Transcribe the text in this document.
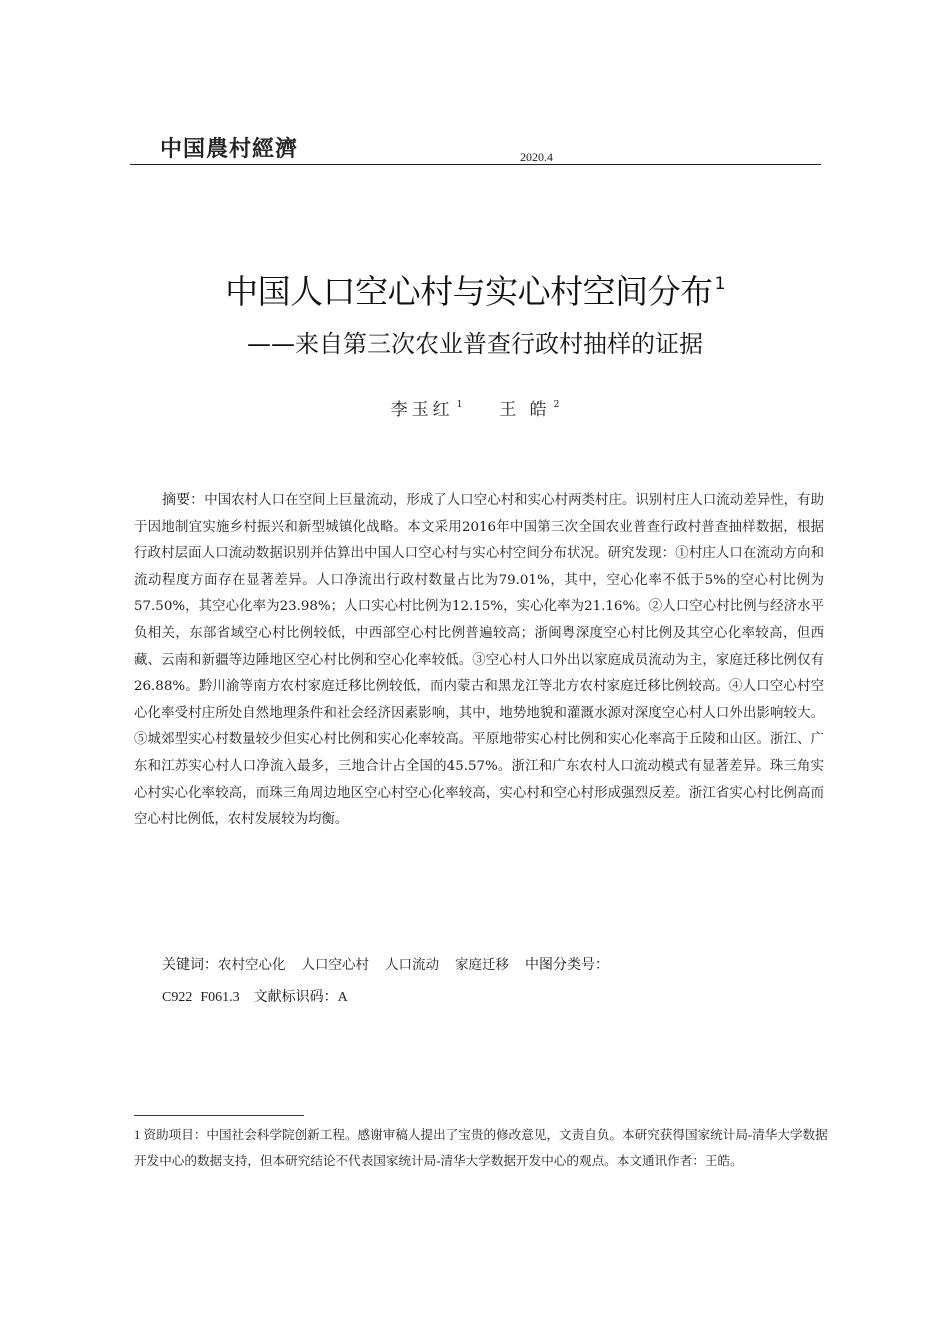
中国農村經濟	2020.4
中国人口空心村与实心村空间分布 $^1$
——来自第三次农业普查行政村抽样的证据
李玉红 $^1$ 王 皓 $^2$

摘要：中国农村人口在空间上巨量流动，形成了人口空心村和实心村两类村庄。识别村庄人口流动差异性，有助于因地制宜实施乡村振兴和新型城镇化战略。本文采用2016年中国第三次全国农业普查行政村普查抽样数据，根据行政村层面人口流动数据识别并估算出中国人口空心村与实心村空间分布状况。研究发现：①村庄人口在流动方向和流动程度方面存在显著差异。人口净流出行政村数量占比为79.01%，其中，空心化率不低于5%的空心村比例为57.50%，其空心化率为23.98%；人口实心村比例为12.15%，实心化率为21.16%。②人口空心村比例与经济水平负相关，东部省域空心村比例较低，中西部空心村比例普遍较高；浙闽粤深度空心村比例及其空心化率较高，但西藏、云南和新疆等边陲地区空心村比例和空心化率较低。③空心村人口外出以家庭成员流动为主，家庭迁移比例仅有26.88%。黔川渝等南方农村家庭迁移比例较低，而内蒙古和黑龙江等北方农村家庭迁移比例较高。④人口空心村空心化率受村庄所处自然地理条件和社会经济因素影响，其中，地势地貌和灌溉水源对深度空心村人口外出影响较大。⑤城郊型实心村数量较少但实心村比例和实心化率较高。平原地带实心村比例和实心化率高于丘陵和山区。浙江、广东和江苏实心村人口净流入最多，三地合计占全国的45.57%。浙江和广东农村人口流动模式有显著差异。珠三角实心村实心化率较高，而珠三角周边地区空心村空心化率较高，实心村和空心村形成强烈反差。浙江省实心村比例高而空心村比例低，农村发展较为均衡。

关键词：农村空心化 人口空心村 人口流动 家庭迁移 中图分类号：
C922 F061.3 文献标识码：A

1 资助项目：中国社会科学院创新工程。感谢审稿人提出了宝贵的修改意见，文责自负。本研究获得国家统计局-清华大学数据开发中心的数据支持，但本研究结论不代表国家统计局-清华大学数据开发中心的观点。本文通讯作者：王皓。
